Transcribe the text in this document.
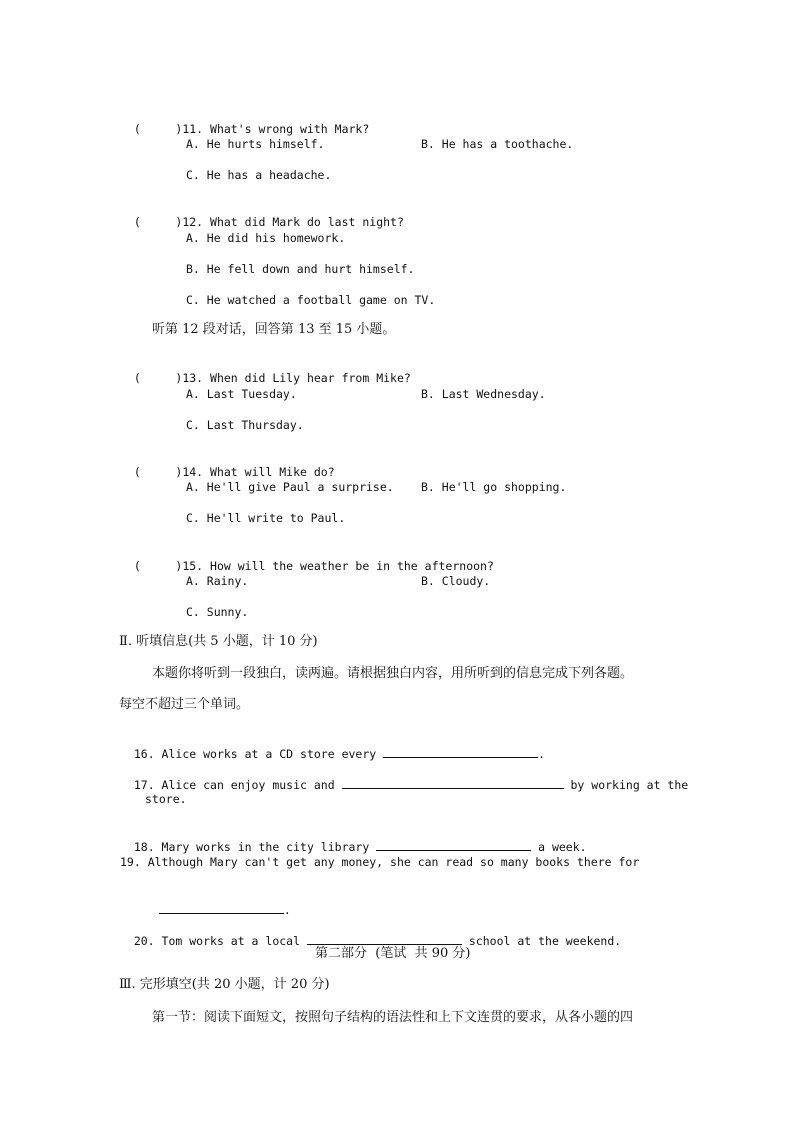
(     )11. What's wrong with Mark?

A. He hurts himself.	B. He has a toothache.
C. He has a headache.

(     )12. What did Mark do last night?

A. He did his homework.
B. He fell down and hurt himself.
C. He watched a football game on TV.
听第 12 段对话，回答第 13 至 15 小题。

(     )13. When did Lily hear from Mike?

A. Last Tuesday.	B. Last Wednesday.
C. Last Thursday.

(     )14. What will Mike do?

A. He'll give Paul a surprise. B. He'll go shopping.
C. He'll write to Paul.

(     )15. How will the weather be in the afternoon?

A. Rainy.	B. Cloudy.
C. Sunny.
Ⅱ. 听填信息(共 5 小题，计 10 分)
本题你将听到一段独白，读两遍。请根据独白内容，用所听到的信息完成下列各题。
每空不超过三个单词。

16. Alice works at a CD store every	.

17. Alice can enjoy music and	by working at the

store.

18. Mary works in the city library	a week.

19. Although Mary can't get any money, she can read so many books there for

.

20. Tom works at a local	school at the weekend.

第二部分  (笔试  共 90 分)
Ⅲ. 完形填空(共 20 小题，计 20 分)
第一节：阅读下面短文，按照句子结构的语法性和上下文连贯的要求，从各小题的四
